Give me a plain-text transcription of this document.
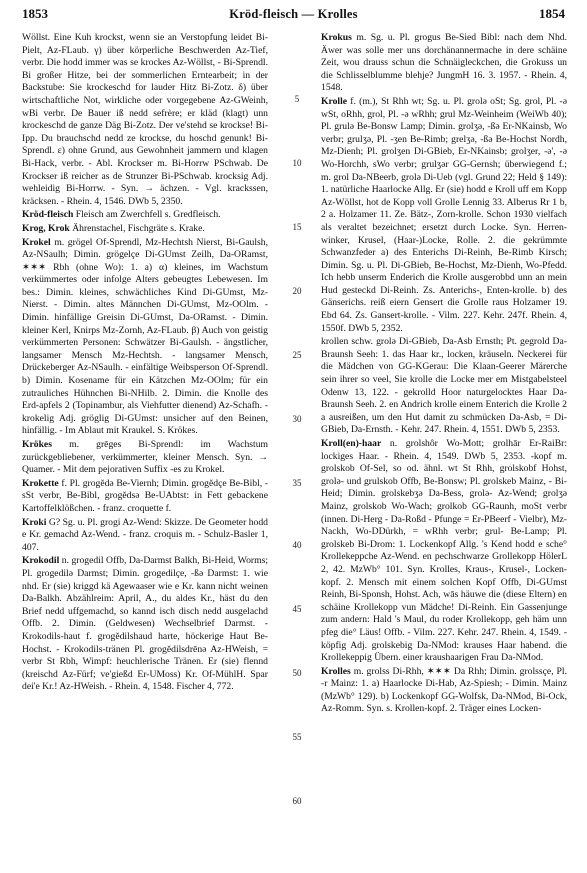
1853	Kröd-fleisch — Krolles	1854
5
10
15
20
25
30
35
40
45
50
55
60

Wöllst. Eine Kuh krockst, wenn sie an Verstopfung leidet Bi-Pielt, Az-FLaub. γ) über körperliche Beschwerden Az-Tief, verbr. Die hodd immer was se krockes Az-Wöllst, - Bi-Sprendl. Bi großer Hitze, bei der sommerlichen Erntearbeit; in der Backstube: Sie krockeschd for lauder Hitz Bi-Zotz. δ) über wirtschaftliche Not, wirkliche oder vorgegebene Az-GWeinh, wBi verbr. De Bauer iß nedd sefrère; er kläd (klagt) unn krockeschd de ganze Däg Bi-Zotz. Der ve'stehd se krockse! Bi-Ipp. Du brauchschd nedd ze krockse, du hoschd genunk! Bi-Sprendl. ε) ohne Grund, aus Gewohnheit jammern und klagen Bi-Hack, verbr. - Abl. Krockser m. Bi-Horrw PSchwab. De Krockser iß reicher as de Strunzer Bi-PSchwab. krocksig Adj. wehleidig Bi-Horrw. - Syn. → ächzen. - Vgl. krackssen, kräcksen. - Rhein. 4, 1546. DWb 5, 2350.

Kröd-fleisch Fleisch am Zwerchfell s. Gredfleisch.

Krog, Krok Ährenstachel, Fischgräte s. Krake.

Krokel m. grögel Of-Sprendl, Mz-Hechtsh Nierst, Bi-Gaulsh, Az-NSaulh; Dimin. grögelçe Di-GUmst Zeilh, Da-ORamst, ✶✶✶ Rbh (ohne Wo): 1. a) α) kleines, im Wachstum verkümmertes oder infolge Alters gebeugtes Lebewesen. Im bes.: Dimin. kleines, schwächliches Kind Di-GUmst, Mz-Nierst. - Dimin. altes Männchen Di-GUmst, Mz-OOlm. - Dimin. hinfällige Greisin Di-GUmst, Da-ORamst. - Dimin. kleiner Kerl, Knirps Mz-Zornh, Az-FLaub. β) Auch von geistig verkümmerten Personen: Schwätzer Bi-Gaulsh. - ängstlicher, langsamer Mensch Mz-Hechtsh. - langsamer Mensch, Drückeberger Az-NSaulh. - einfältige Weibsperson Of-Sprendl. b) Dimin. Kosename für ein Kätzchen Mz-OOlm; für ein zutrauliches Hühnchen Bi-NHilb. 2. Dimin. die Knolle des Erd-apfels 2 (Topinambur, als Viehfutter dienend) Az-Schafh. - krokelig Adj. gröglig Di-GUmst: unsicher auf den Beinen, hinfällig. - Im Ablaut mit Kraukel. S. Krökes.

Krökes m. grēges Bi-Sprendl: im Wachstum zurückgebliebener, verkümmerter, kleiner Mensch. Syn. → Quamer. - Mit dem pejorativen Suffix -es zu Krokel.

Krokette f. Pl. grogĕdə Be-Viernh; Dimin. grogĕdçe Be-Bibl, -sSt verbr, Be-Bibl, grogĕdsə Be-UAbtst: in Fett gebackene Kartoffelklößchen. - franz. croquette f.

Kroki G? Sg. u. Pl. grogi Az-Wend: Skizze. De Geometer hodd e Kr. gemachd Az-Wend. - franz. croquis m. - Schulz-Basler 1, 407.

Krokodil n. grogedil Offb, Da-Darmst Balkh, Bi-Heid, Worms; Pl. grogedilə Darmst; Dimin. grogedilçe, -ßə Darmst: 1. wie nhd. Er (sie) kriggd kä Agewaaser wie e Kr. kann nicht weinen Da-Balkh. Abzählreim: April, A., du aldes Kr., häst du den Brief nedd uffgemachd, so kannd isch disch nedd ausgelachd Offb. 2. Dimin. (Geldwesen) Wechselbrief Darmst. - Krokodils-haut f. grogĕdilshaud harte, höckerige Haut Be-Hochst. - Krokodils-tränen Pl. grogĕdilsdrēnə Az-HWeish, = verbr St Rbh, Wimpf: heuchlerische Tränen. Er (sie) flennd (kreischd Az-Fürf; ve'gießd Er-UMoss) Kr. Of-MühlH. Spar dei'e Kr.! Az-HWeish. - Rhein. 4, 1548. Fischer 4, 772.

Krokus m. Sg. u. Pl. grogus Be-Sied Bibl: nach dem Nhd. Äwer was solle mer uns dorchänannermache in dere schäine Zeit, wou drauss schun die Schnäigleckchen, die Grokuss un die Schlisselblumme blehje? JungmH 16. 3. 1957. - Rhein. 4, 1548.

Krolle f. (m.), St Rhh wt; Sg. u. Pl. grolə oSt; Sg. grol, Pl. -ə wSt, oRhh, grol, Pl. -ə wRhh; grul Mz-Weinheim (WeiWb 40); Pl. grulə Be-Bonsw Lamp; Dimin. grolʒə, -ßə Er-NKainsb, Wo verbr; grulʒə, Pl. -ʒen Be-Rimb; grelʒə, -ßə Be-Hochst Nordh, Mz-Dienh; Pl. grolʒen Di-GBieb, Er-NKainsb; grolʒer, -ə', -ə Wo-Horchh, sWo verbr; grulʒər GG-Gernsh; überwiegend f.; m. grol Da-NBeerb, grolə Di-Ueb (vgl. Grund 22; Held § 149): 1. natürliche Haarlocke Allg. Er (sie) hodd e Kroll uff em Kopp Az-Wöllst, hot de Kopp voll Grolle Lennig 33. Alberus Rr 1 b, 2 a. Holzamer 11. Ze. Bätz-, Zorn-krolle. Schon 1930 vielfach als veraltet bezeichnet; ersetzt durch Locke. Syn. Herren-winker, Krusel, (Haar-)Locke, Rolle. 2. die gekrümmte Schwanzfeder a) des Enterichs Di-Reinh, Be-Rimb Kirsch; Dimin. Sg. u. Pl. Di-GBieb, Be-Hochst, Mz-Dienh, Wo-Pfedd. Ich hebb unserm Enderich die Krolle ausgerobbd unn an mein Hud gesteckd Di-Reinh. Zs. Anterichs-, Enten-krolle. b) des Gänserichs. reiß eiern Gensert die Grolle raus Holzamer 19. Ebd 64. Zs. Gansert-krolle. - Vilm. 227. Kehr. 247f. Rhein. 4, 1550f. DWb 5, 2352.

krollen schw. grolə Di-GBieb, Da-Asb Ernsth; Pt. gegrold Da-Braunsh Seeh: 1. das Haar kr., locken, kräuseln. Neckerei für die Mädchen von GG-KGerau: Die Klaan-Geerer Märerche sein ihrer so veel, Sie krolle die Locke mer em Mistgabelsteel Odenw 13, 122. - gekrolld Hoor naturgelocktes Haar Da-Braunsh Seeh. 2. en Andrich krolle einem Enterich die Krolle 2 a ausreißen, um den Hut damit zu schmücken Da-Asb, = Di-GBieb, Da-Ernsth. - Kehr. 247. Rhein. 4, 1551. DWb 5, 2353.

Kroll(en)-haar n. grolshôr Wo-Mott; grolhār Er-RaiBr: lockiges Haar. - Rhein. 4, 1549. DWb 5, 2353. -kopf m. grolskob Of-Sel, so od. ähnl. wt St Rhh, grolskobf Hohst, grolə- und grulskob Offb, Be-Bonsw; Pl. grolskeb Mainz, - Bi-Heid; Dimin. grolskebʒə Da-Bess, grolə- Az-Wend; grolʒə Mainz, grolskob Wo-Wach; grolkob GG-Raunh, moSt verbr (innen. Di-Herg - Da-Roßd - Pfunge = Er-PBeerf - Vielbr), Mz-Nackh, Wo-DDürkh, = wRhh verbr; grul- Be-Lamp; Pl. grolskeb Bi-Drom: 1. Lockenkopf Allg. 's Kend hodd e sche° Krollekeppche Az-Wend. en pechschwarze Grollekopp HölerL 2, 42. MzWb° 101. Syn. Krolles, Kraus-, Krusel-, Locken-kopf. 2. Mensch mit einem solchen Kopf Offb, Di-GUmst Reinh, Bi-Sponsh, Hohst. Ach, wās häuwe die (diese Eltern) en schäine Krollekopp vun Mädche! Di-Reinh. Ein Gassenjunge zum andern: Hald 's Maul, du roder Krollekopp, geh häm unn pfeg die° Läus! Offb. - Vilm. 227. Kehr. 247. Rhein. 4, 1549. -köpfig Adj. grolskebig Da-NMod: krauses Haar habend. die Krollekeppig Übern. einer kraushaarigen Frau Da-NMod.

Krolles m. grolss Di-Rhh, ✶✶✶ Da Rhh; Dimin. grolssçe, Pl. -r Mainz: 1. a) Haarlocke Di-Hab, Az-Spiesh; - Dimin. Mainz (MzWb° 129). b) Lockenkopf GG-Wolfsk, Da-NMod, Bi-Ock, Az-Romm. Syn. s. Krollen-kopf. 2. Träger eines Locken-
